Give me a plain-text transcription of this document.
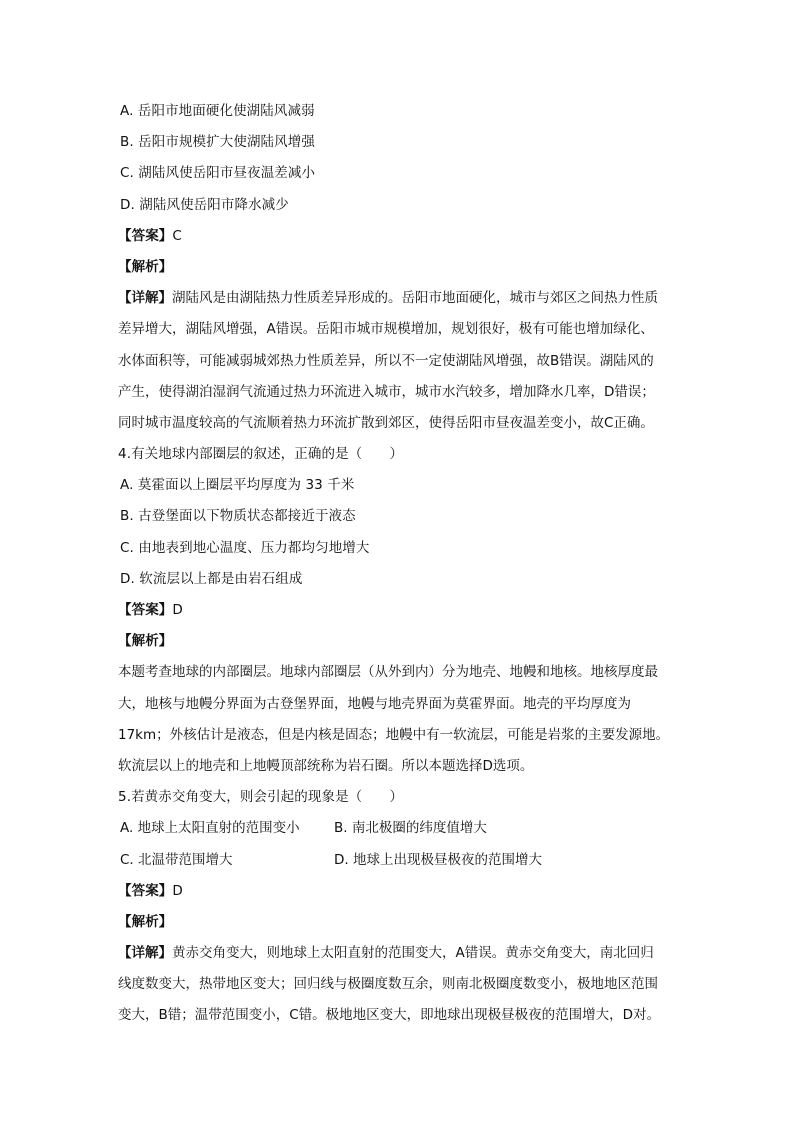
A. 岳阳市地面硬化使湖陆风减弱
B. 岳阳市规模扩大使湖陆风增强
C. 湖陆风使岳阳市昼夜温差减小
D. 湖陆风使岳阳市降水减少
【答案】C
【解析】
【详解】湖陆风是由湖陆热力性质差异形成的。岳阳市地面硬化，城市与郊区之间热力性质
差异增大，湖陆风增强，A错误。岳阳市城市规模增加，规划很好，极有可能也增加绿化、
水体面积等，可能减弱城郊热力性质差异，所以不一定使湖陆风增强，故B错误。湖陆风的
产生，使得湖泊湿润气流通过热力环流进入城市，城市水汽较多，增加降水几率，D错误；
同时城市温度较高的气流顺着热力环流扩散到郊区，使得岳阳市昼夜温差变小，故C正确。
4.有关地球内部圈层的叙述，正确的是（　　）
A. 莫霍面以上圈层平均厚度为 33 千米
B. 古登堡面以下物质状态都接近于液态
C. 由地表到地心温度、压力都均匀地增大
D. 软流层以上都是由岩石组成
【答案】D
【解析】
本题考查地球的内部圈层。地球内部圈层（从外到内）分为地壳、地幔和地核。地核厚度最
大，地核与地幔分界面为古登堡界面，地幔与地壳界面为莫霍界面。地壳的平均厚度为
17km；外核估计是液态，但是内核是固态；地幔中有一软流层，可能是岩浆的主要发源地。
软流层以上的地壳和上地幔顶部统称为岩石圈。所以本题选择D选项。
5.若黄赤交角变大，则会引起的现象是（　　）
A. 地球上太阳直射的范围变小	B. 南北极圈的纬度值增大
C. 北温带范围增大	D. 地球上出现极昼极夜的范围增大
【答案】D
【解析】
【详解】黄赤交角变大，则地球上太阳直射的范围变大，A错误。黄赤交角变大，南北回归
线度数变大，热带地区变大；回归线与极圈度数互余，则南北极圈度数变小，极地地区范围
变大，B错；温带范围变小，C错。极地地区变大，即地球出现极昼极夜的范围增大，D对。
